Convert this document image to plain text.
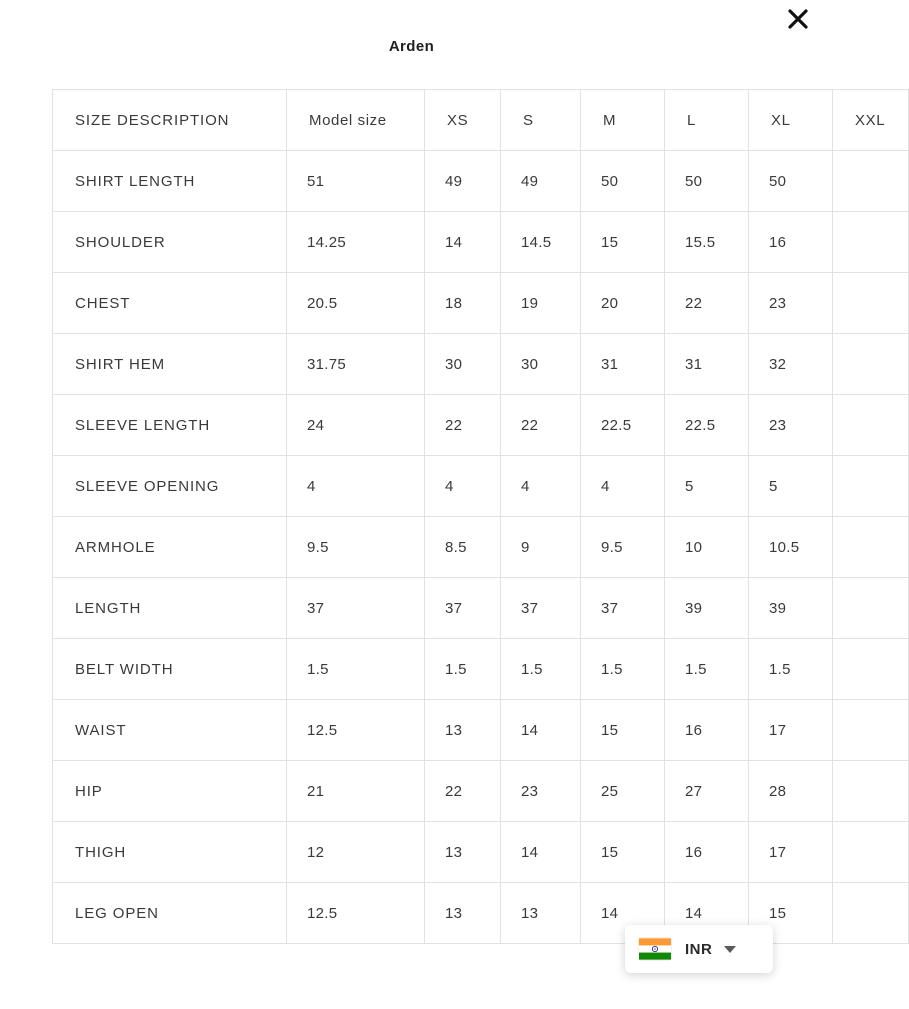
Arden
SIZE DESCRIPTION	Model size	XS	S	M	L	XL	XXL
SHIRT LENGTH	51	49	49	50	50	50	
SHOULDER	14.25	14	14.5	15	15.5	16	
CHEST	20.5	18	19	20	22	23	
SHIRT HEM	31.75	30	30	31	31	32	
SLEEVE LENGTH	24	22	22	22.5	22.5	23	
SLEEVE OPENING	4	4	4	4	5	5	
ARMHOLE	9.5	8.5	9	9.5	10	10.5	
LENGTH	37	37	37	37	39	39	
BELT WIDTH	1.5	1.5	1.5	1.5	1.5	1.5	
WAIST	12.5	13	14	15	16	17	
HIP	21	22	23	25	27	28	
THIGH	12	13	14	15	16	17	
LEG OPEN	12.5	13	13	14	14	15	
INR
